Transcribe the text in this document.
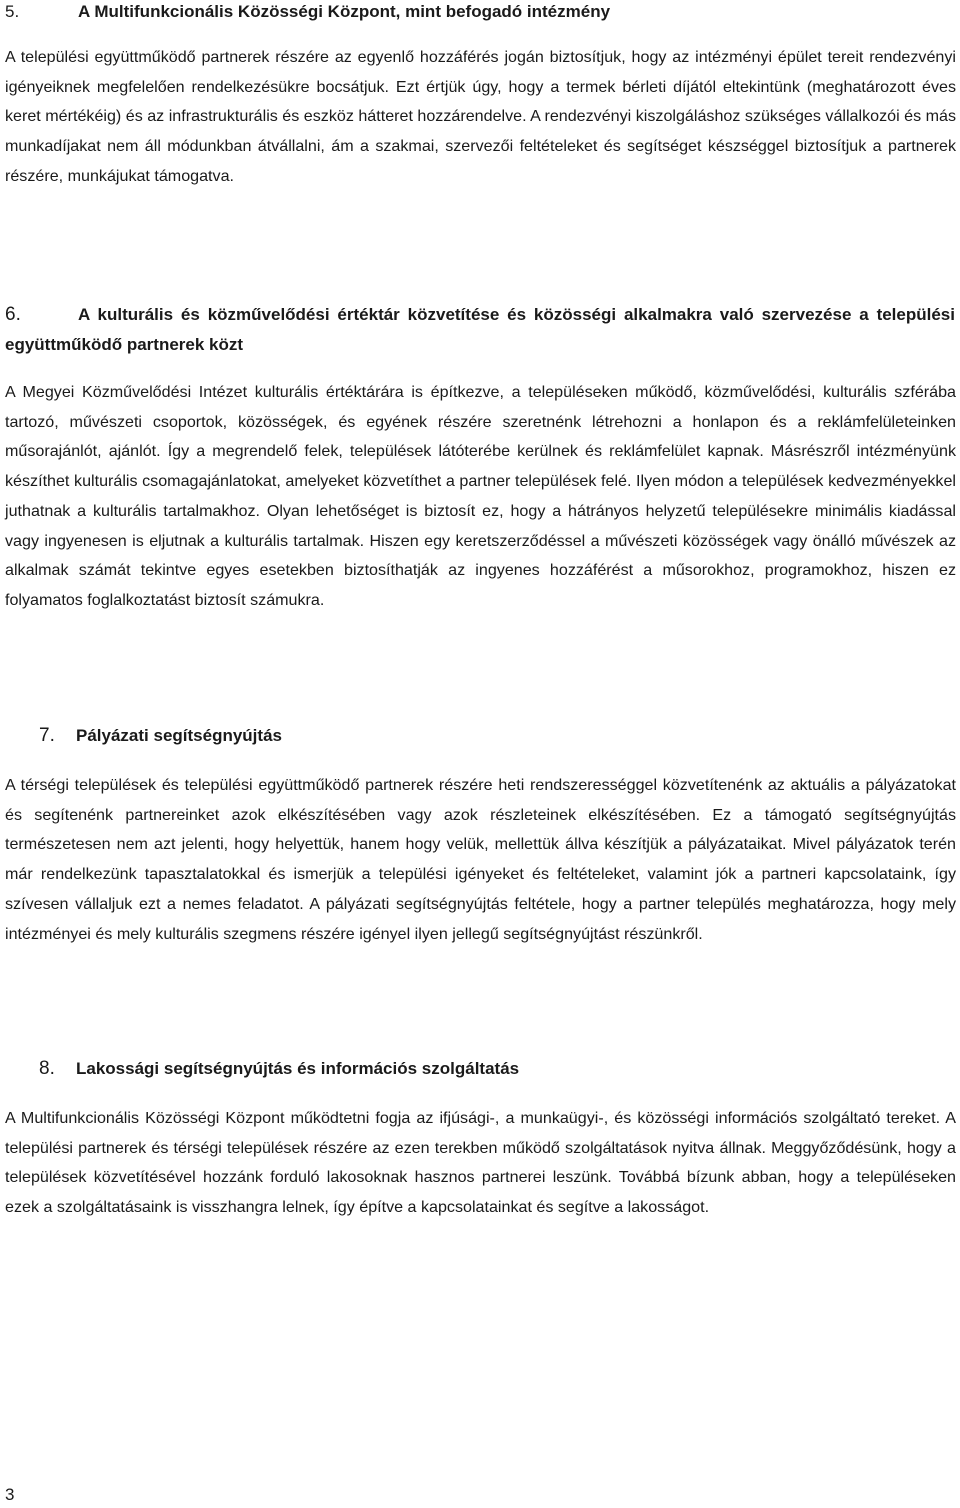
5.	A Multifunkcionális Közösségi Központ, mint befogadó intézmény

A települési együttműködő partnerek részére az egyenlő hozzáférés jogán biztosítjuk, hogy az intézményi épület tereit rendezvényi igényeiknek megfelelően rendelkezésükre bocsátjuk. Ezt értjük úgy, hogy a termek bérleti díjától eltekintünk (meghatározott éves keret mértékéig) és az infrastrukturális és eszköz hátteret hozzárendelve. A rendezvényi kiszolgáláshoz szükséges vállalkozói és más munkadíjakat nem áll módunkban átvállalni, ám a szakmai, szervezői feltételeket és segítséget készséggel biztosítjuk a partnerek részére, munkájukat támogatva.

6.	A kulturális és közművelődési értéktár közvetítése és közösségi alkalmakra való szervezése a települési együttműködő partnerek közt

A Megyei Közművelődési Intézet kulturális értéktárára is építkezve, a településeken működő, közművelődési, kulturális szférába tartozó, művészeti csoportok, közösségek, és egyének részére szeretnénk létrehozni a honlapon és a reklámfelületeinken műsorajánlót, ajánlót. Így a megrendelő felek, települések látóterébe kerülnek és reklámfelület kapnak. Másrészről intézményünk készíthet kulturális csomagajánlatokat, amelyeket közvetíthet a partner települések felé. Ilyen módon a települések kedvezményekkel juthatnak a kulturális tartalmakhoz. Olyan lehetőséget is biztosít ez, hogy a hátrányos helyzetű településekre minimális kiadással vagy ingyenesen is eljutnak a kulturális tartalmak. Hiszen egy keretszerződéssel a művészeti közösségek vagy önálló művészek az alkalmak számát tekintve egyes esetekben biztosíthatják az ingyenes hozzáférést a műsorokhoz, programokhoz, hiszen ez folyamatos foglalkoztatást biztosít számukra.

7. Pályázati segítségnyújtás

A térségi települések és települési együttműködő partnerek részére heti rendszerességgel közvetítenénk az aktuális a pályázatokat és segítenénk partnereinket azok elkészítésében vagy azok részleteinek elkészítésében. Ez a támogató segítségnyújtás természetesen nem azt jelenti, hogy helyettük, hanem hogy velük, mellettük állva készítjük a pályázataikat. Mivel pályázatok terén már rendelkezünk tapasztalatokkal és ismerjük a települési igényeket és feltételeket, valamint jók a partneri kapcsolataink, így szívesen vállaljuk ezt a nemes feladatot. A pályázati segítségnyújtás feltétele, hogy a partner település meghatározza, hogy mely intézményei és mely kulturális szegmens részére igényel ilyen jellegű segítségnyújtást részünkről.

8. Lakossági segítségnyújtás és információs szolgáltatás

A Multifunkcionális Közösségi Központ működtetni fogja az ifjúsági-, a munkaügyi-, és közösségi információs szolgáltató tereket. A települési partnerek és térségi települések részére az ezen terekben működő szolgáltatások nyitva állnak. Meggyőződésünk, hogy a települések közvetítésével hozzánk forduló lakosoknak hasznos partnerei leszünk. Továbbá bízunk abban, hogy a településeken ezek a szolgáltatásaink is visszhangra lelnek, így építve a kapcsolatainkat és segítve a lakosságot.

3
